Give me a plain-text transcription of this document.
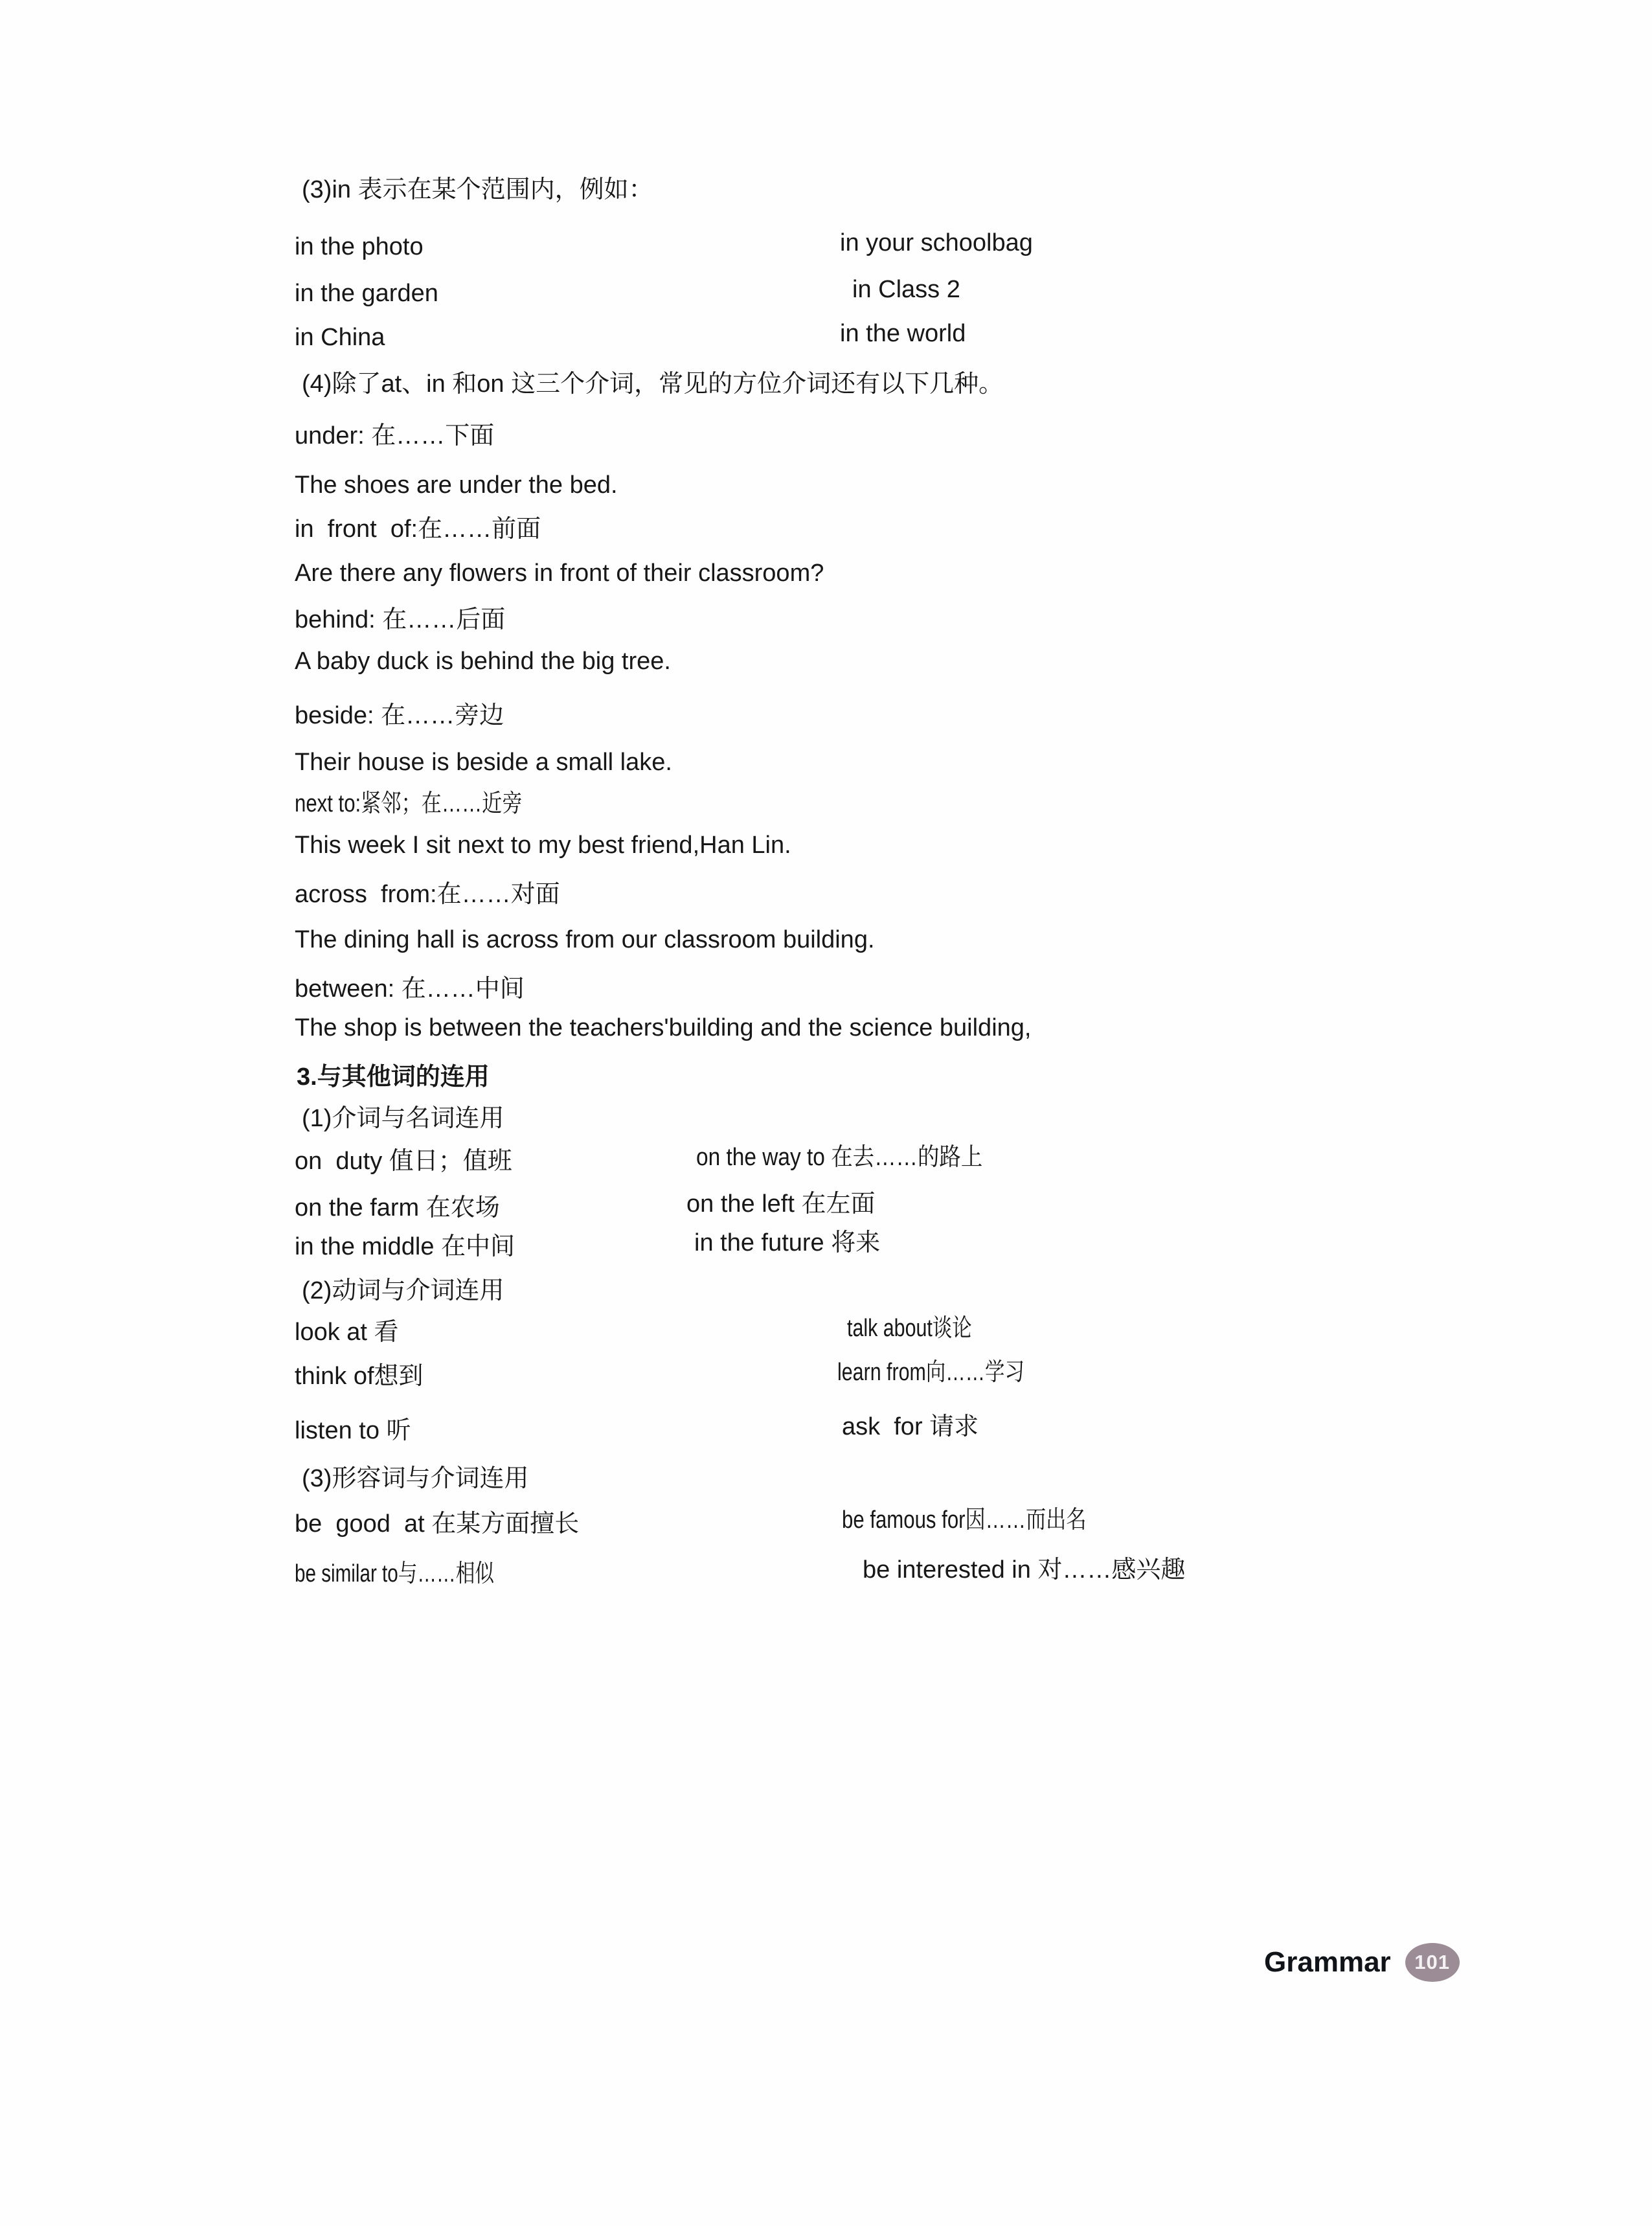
(3)in 表示在某个范围内，例如：
in the photo	in your schoolbag
in the garden	in Class 2
in China	in the world
(4)除了at、in 和on 这三个介词，常见的方位介词还有以下几种。
under: 在……下面
The shoes are under the bed.
in  front  of:在……前面
Are there any flowers in front of their classroom?
behind: 在……后面
A baby duck is behind the big tree.
beside: 在……旁边
Their house is beside a small lake.
next to:紧邻；在……近旁
This week I sit next to my best friend,Han Lin.
across  from:在……对面
The dining hall is across from our classroom building.
between: 在……中间
The shop is between the teachers'building and the science building,
3.与其他词的连用
(1)介词与名词连用
on  duty 值日；值班	on the way to 在去……的路上
on the farm 在农场	on the left 在左面
in the middle 在中间	in the future 将来
(2)动词与介词连用
look at 看	talk about谈论
think of想到	learn from向……学习
listen to 听	ask  for 请求
(3)形容词与介词连用
be  good  at 在某方面擅长	be famous for因……而出名
be similar to与……相似	be interested in 对……感兴趣
Grammar 101
